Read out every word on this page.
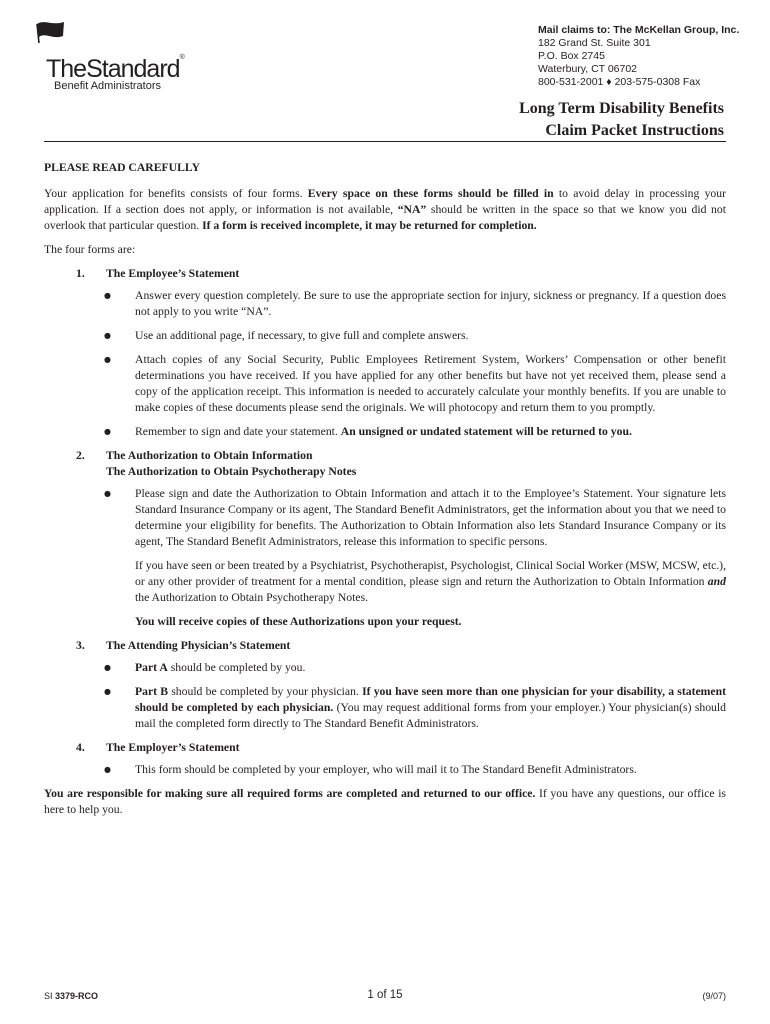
TheStandard®
Benefit Administrators
Mail claims to: The McKellan Group, Inc.
182 Grand St. Suite 301
P.O. Box 2745
Waterbury, CT 06702
800-531-2001 ♦ 203-575-0308 Fax
Long Term Disability Benefits
Claim Packet Instructions

PLEASE READ CAREFULLY

Your application for benefits consists of four forms. Every space on these forms should be filled in to avoid delay in processing your application. If a section does not apply, or information is not available, “NA” should be written in the space so that we know you did not overlook that particular question. If a form is received incomplete, it may be returned for completion.

The four forms are:

1. The Employee’s Statement
● Answer every question completely. Be sure to use the appropriate section for injury, sickness or pregnancy. If a question does not apply to you write “NA”.
● Use an additional page, if necessary, to give full and complete answers.
● Attach copies of any Social Security, Public Employees Retirement System, Workers’ Compensation or other benefit determinations you have received. If you have applied for any other benefits but have not yet received them, please send a copy of the application receipt. This information is needed to accurately calculate your monthly benefits. If you are unable to make copies of these documents please send the originals. We will photocopy and return them to you promptly.
● Remember to sign and date your statement. An unsigned or undated statement will be returned to you.
2. The Authorization to Obtain Information
The Authorization to Obtain Psychotherapy Notes
● Please sign and date the Authorization to Obtain Information and attach it to the Employee’s Statement. Your signature lets Standard Insurance Company or its agent, The Standard Benefit Administrators, get the information about you that we need to determine your eligibility for benefits. The Authorization to Obtain Information also lets Standard Insurance Company or its agent, The Standard Benefit Administrators, release this information to specific persons.

If you have seen or been treated by a Psychiatrist, Psychotherapist, Psychologist, Clinical Social Worker (MSW, MCSW, etc.), or any other provider of treatment for a mental condition, please sign and return the Authorization to Obtain Information and the Authorization to Obtain Psychotherapy Notes.

You will receive copies of these Authorizations upon your request.

3. The Attending Physician’s Statement
● Part A should be completed by you.
● Part B should be completed by your physician. If you have seen more than one physician for your disability, a statement should be completed by each physician. (You may request additional forms from your employer.) Your physician(s) should mail the completed form directly to The Standard Benefit Administrators.
4. The Employer’s Statement
● This form should be completed by your employer, who will mail it to The Standard Benefit Administrators.

You are responsible for making sure all required forms are completed and returned to our office. If you have any questions, our office is here to help you.

SI 3379-RCO	1 of 15	(9/07)
